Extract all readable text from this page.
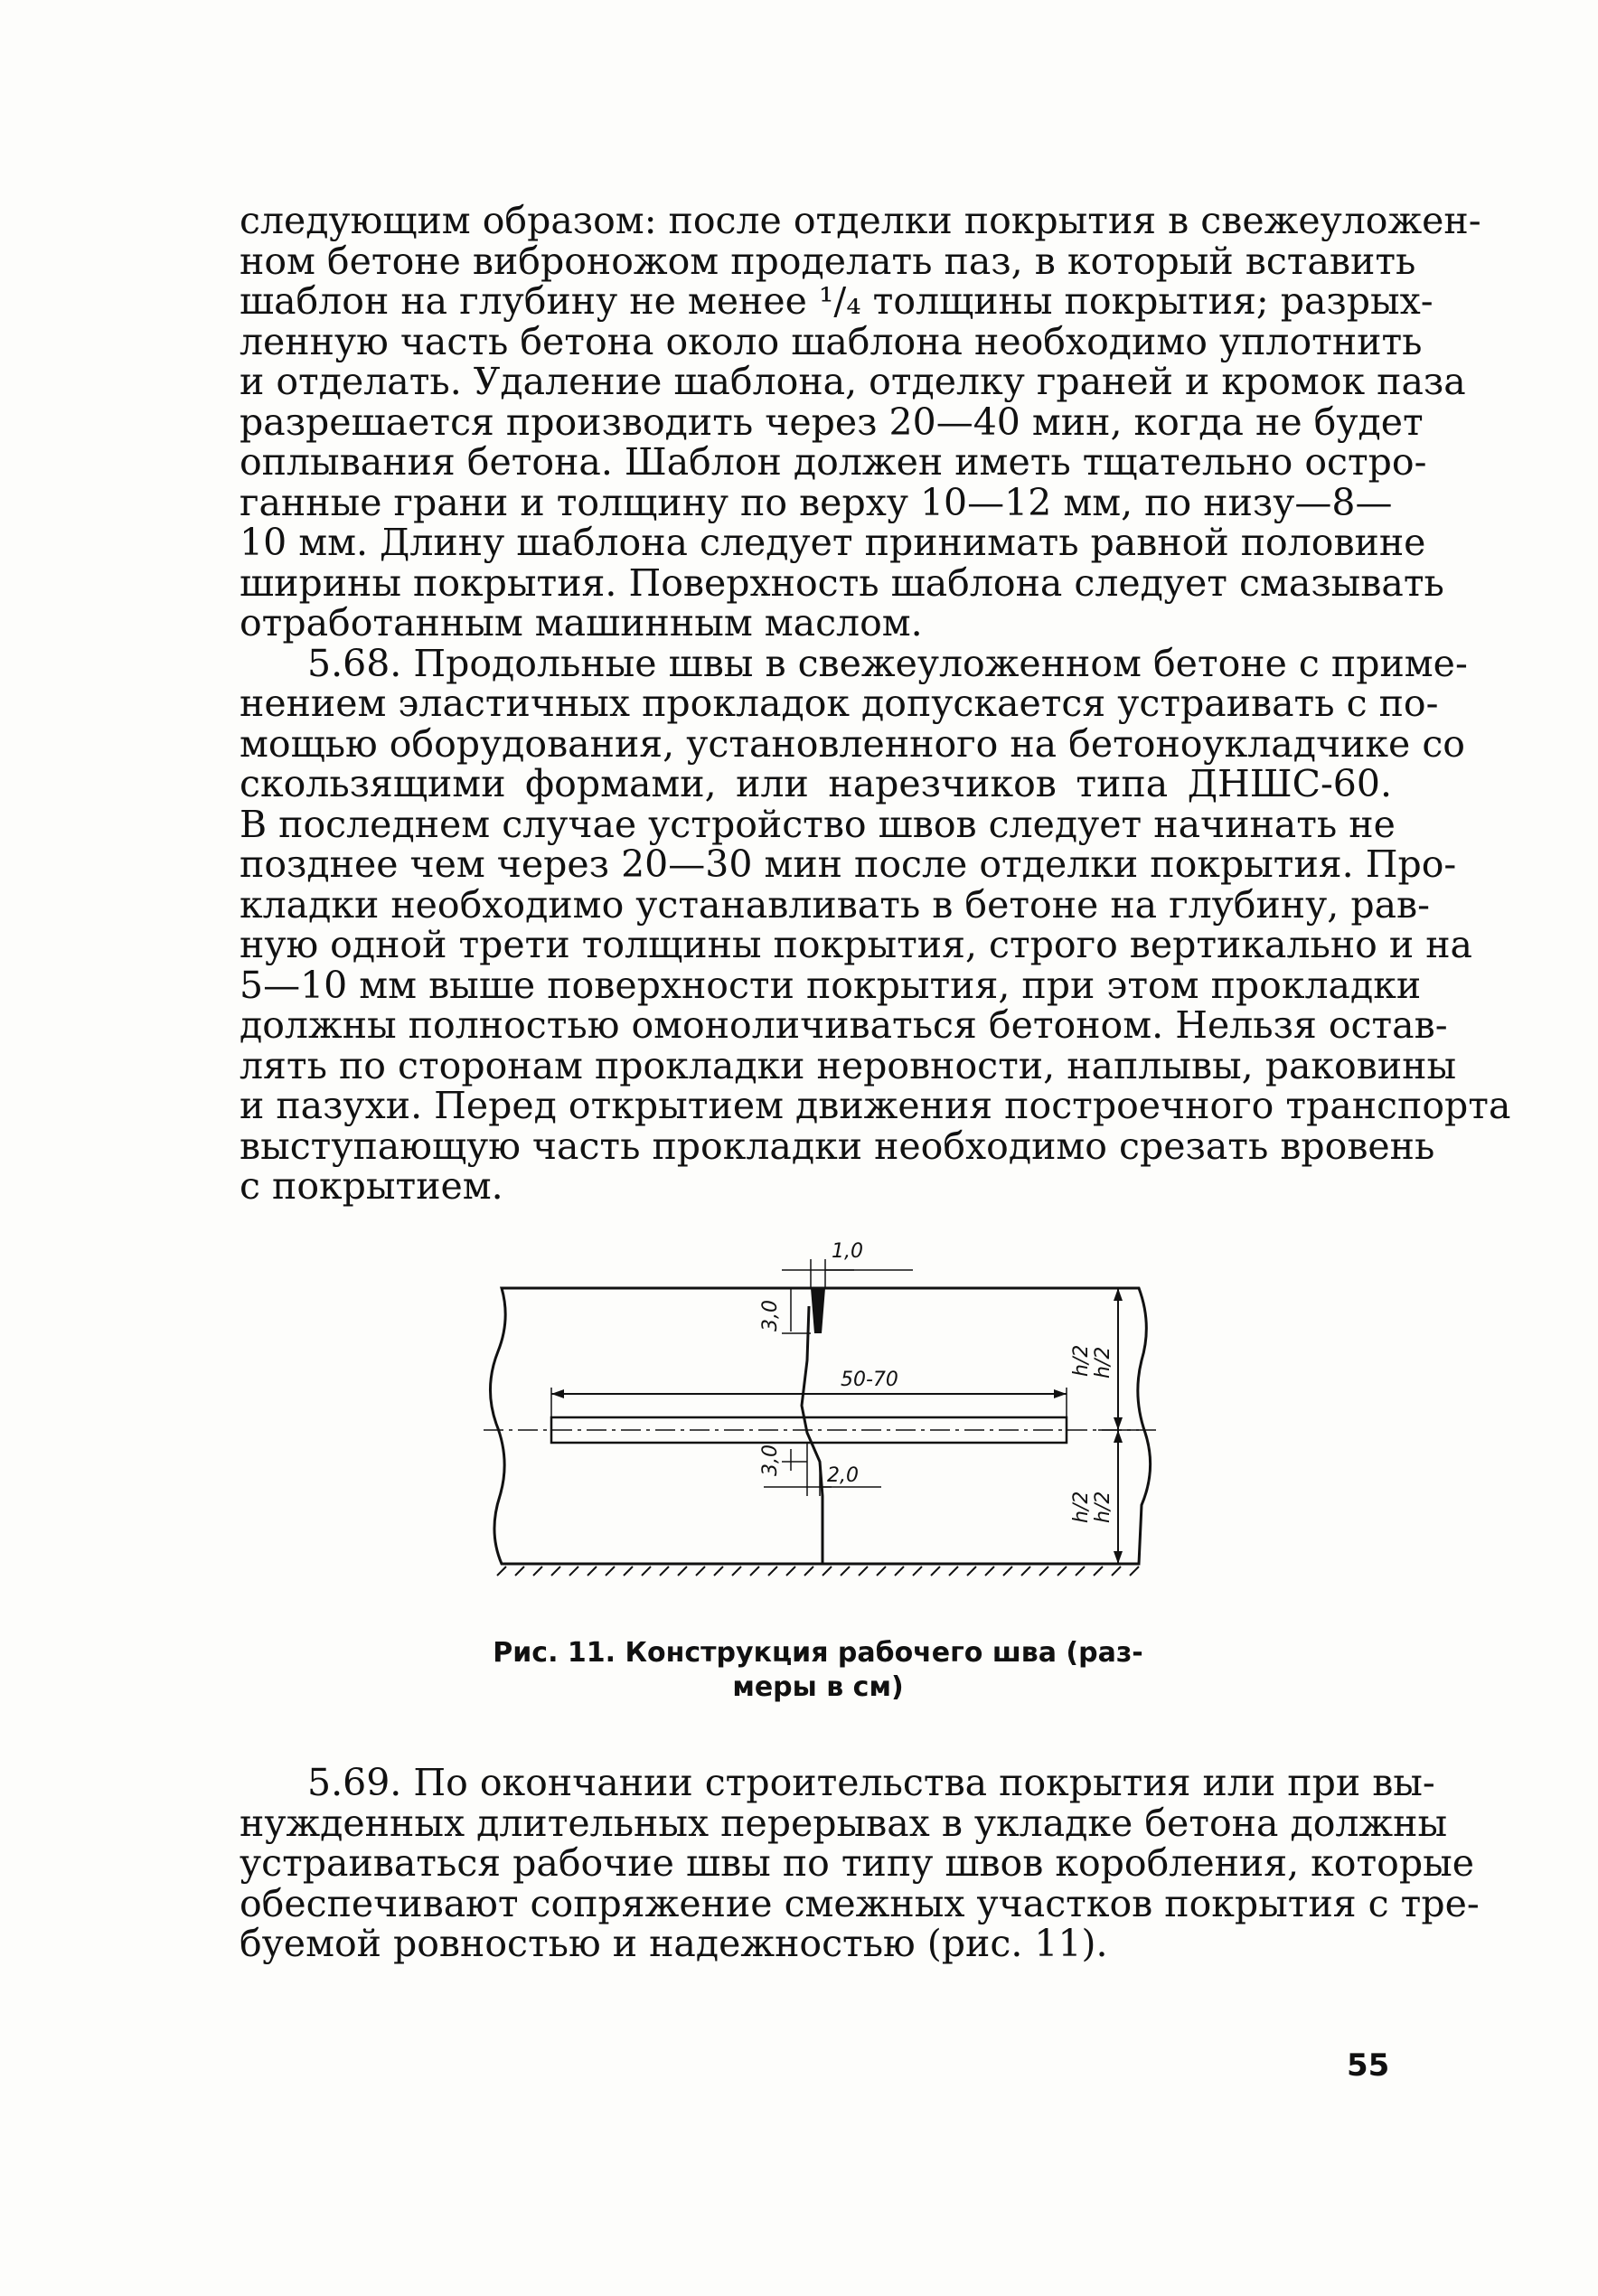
следующим образом: после отделки покрытия в свежеуложен-
ном бетоне виброножом проделать паз, в который вставить
шаблон на глубину не менее ¹/₄ толщины покрытия; разрых-
ленную часть бетона около шаблона необходимо уплотнить
и отделать. Удаление шаблона, отделку граней и кромок паза
разрешается производить через 20—40 мин, когда не будет
оплывания бетона. Шаблон должен иметь тщательно остро-
ганные грани и толщину по верху 10—12 мм, по низу—8—
10 мм. Длину шаблона следует принимать равной половине
ширины покрытия. Поверхность шаблона следует смазывать
отработанным машинным маслом.
5.68. Продольные швы в свежеуложенном бетоне с приме-
нением эластичных прокладок допускается устраивать с по-
мощью оборудования, установленного на бетоноукладчике со
скользящими формами, или нарезчиков типа ДНШС-60.
В последнем случае устройство швов следует начинать не
позднее чем через 20—30 мин после отделки покрытия. Про-
кладки необходимо устанавливать в бетоне на глубину, рав-
ную одной трети толщины покрытия, строго вертикально и на
5—10 мм выше поверхности покрытия, при этом прокладки
должны полностью омоноличиваться бетоном. Нельзя остав-
лять по сторонам прокладки неровности, наплывы, раковины
и пазухи. Перед открытием движения построечного транспорта
выступающую часть прокладки необходимо срезать вровень
с покрытием.
1,0
3,0
50-70
3,0 2,0
h/2
h/2
h/2
h/2
Рис. 11. Конструкция рабочего шва (раз-
меры в см)
5.69. По окончании строительства покрытия или при вы-
нужденных длительных перерывах в укладке бетона должны
устраиваться рабочие швы по типу швов коробления, которые
обеспечивают сопряжение смежных участков покрытия с тре-
буемой ровностью и надежностью (рис. 11).
55
